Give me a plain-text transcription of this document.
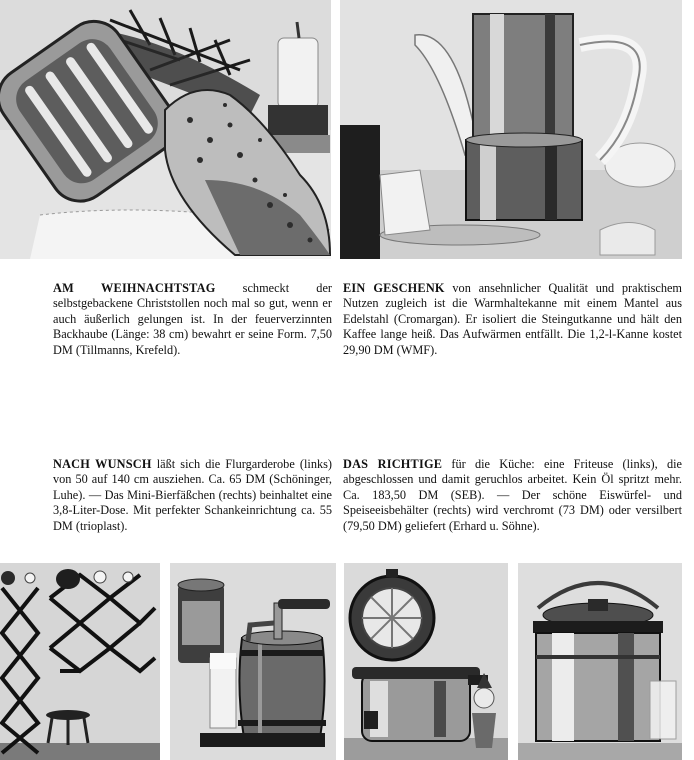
AM WEIHNACHTSTAG schmeckt der selbstgebackene Christstollen noch mal so gut, wenn er auch äußerlich gelungen ist. In der feuerverzinnten Backhaube (Länge: 38 cm) bewahrt er seine Form. 7,50 DM (Tillmanns, Krefeld).

EIN GESCHENK von ansehnlicher Qualität und praktischem Nutzen zugleich ist die Warmhaltekanne mit einem Mantel aus Edelstahl (Cromargan). Er isoliert die Steingutkanne und hält den Kaffee lange heiß. Das Aufwärmen entfällt. Die 1,2-l-Kanne kostet 29,90 DM (WMF).

NACH WUNSCH läßt sich die Flurgarderobe (links) von 50 auf 140 cm ausziehen. Ca. 65 DM (Schöninger, Luhe). — Das Mini-Bierfäßchen (rechts) beinhaltet eine 3,8-Liter-Dose. Mit perfekter Schankeinrichtung ca. 55 DM (trioplast).

DAS RICHTIGE für die Küche: eine Friteuse (links), die abgeschlossen und damit geruchlos arbeitet. Kein Öl spritzt mehr. Ca. 183,50 DM (SEB). — Der schöne Eiswürfel- und Speiseeisbehälter (rechts) wird verchromt (73 DM) oder versilbert (79,50 DM) geliefert (Erhard u. Söhne).
